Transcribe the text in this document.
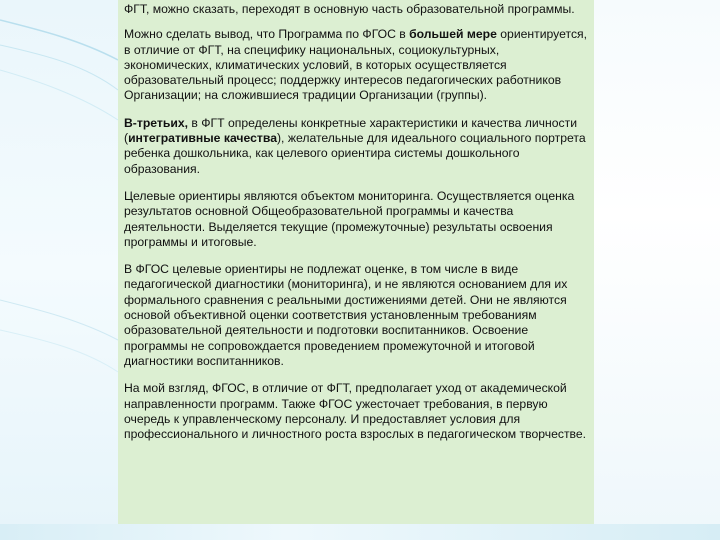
ФГТ, можно сказать, переходят в основную часть образовательной программы.

Можно сделать вывод, что Программа по ФГОС в большей мере ориентируется, в отличие от ФГТ, на специфику национальных, социокультурных, экономических, климатических условий, в которых осуществляется образовательный процесс; поддержку интересов педагогических работников Организации; на сложившиеся традиции Организации (группы).

В-третьих, в ФГТ определены конкретные характеристики и качества личности (интегративные качества), желательные для идеального социального портрета ребенка дошкольника, как целевого ориентира системы дошкольного образования.

Целевые ориентиры являются объектом мониторинга. Осуществляется оценка результатов основной Общеобразовательной программы и качества деятельности. Выделяется текущие (промежуточные) результаты освоения программы и итоговые.

В ФГОС целевые ориентиры не подлежат оценке, в том числе в виде педагогической диагностики (мониторинга), и не являются основанием для их формального сравнения с реальными достижениями детей. Они не являются основой объективной оценки соответствия установленным требованиям образовательной деятельности и подготовки воспитанников. Освоение программы не сопровождается проведением промежуточной и итоговой диагностики воспитанников.

На мой взгляд, ФГОС, в отличие от ФГТ, предполагает уход от академической направленности программ. Также ФГОС ужесточает требования, в первую очередь к управленческому персоналу. И предоставляет условия для профессионального и личностного роста взрослых в педагогическом творчестве.
